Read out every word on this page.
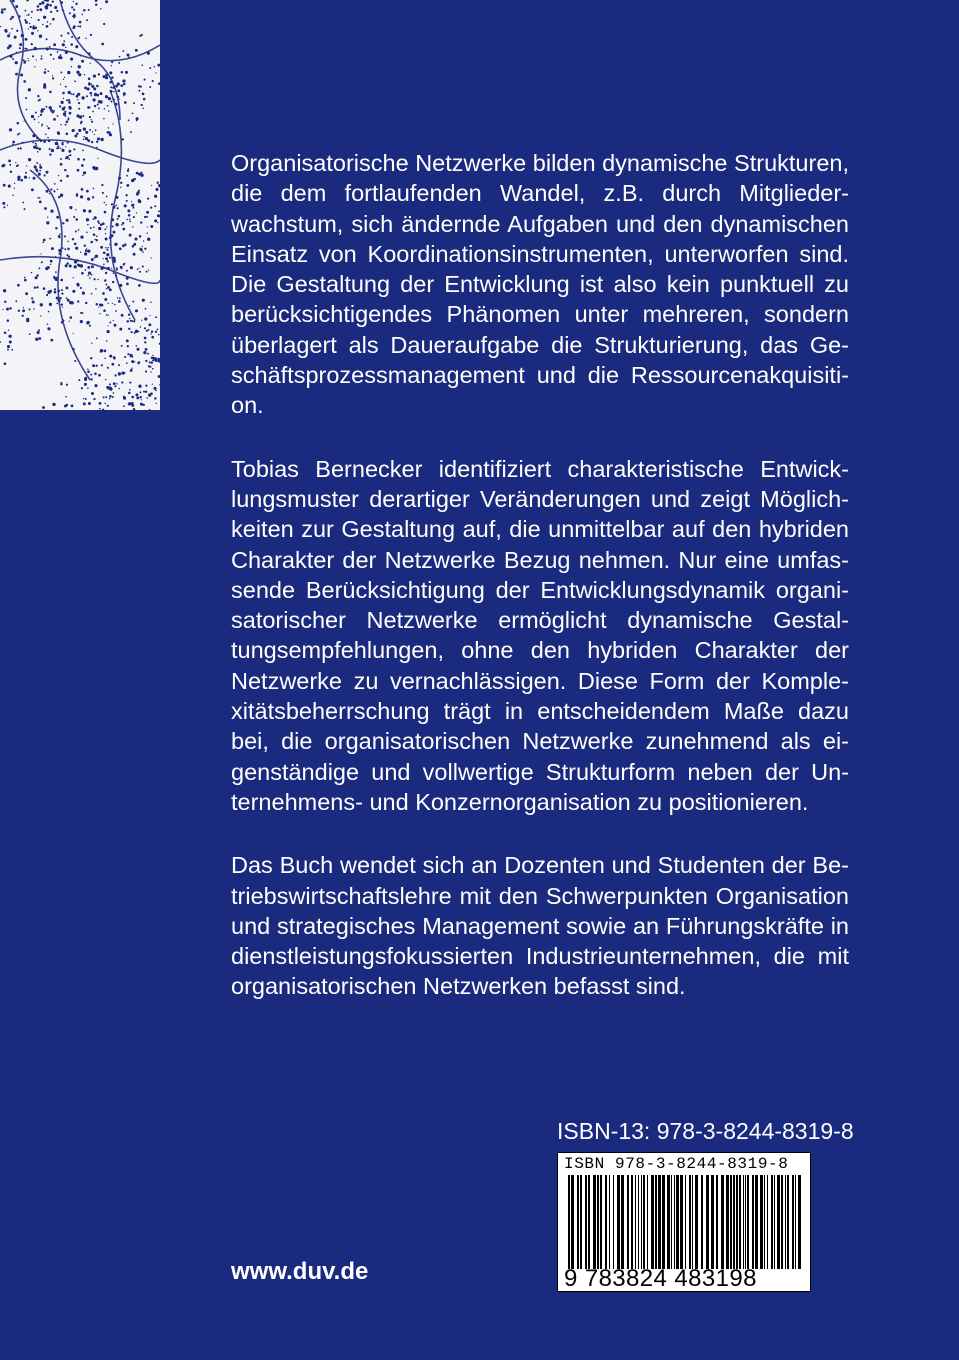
Organisatorische Netzwerke bilden dynamische Strukturen, die dem fortlaufenden Wandel, z.B. durch Mitgliederwachstum, sich ändernde Aufgaben und den dynamischen Einsatz von Koordinationsinstrumenten, unterworfen sind. Die Gestaltung der Entwicklung ist also kein punktuell zu berücksichtigendes Phänomen unter mehreren, sondern überlagert als Daueraufgabe die Strukturierung, das Geschäftsprozessmanagement und die Ressourcenakquisition.

Tobias Bernecker identifiziert charakteristische Entwicklungsmuster derartiger Veränderungen und zeigt Möglichkeiten zur Gestaltung auf, die unmittelbar auf den hybriden Charakter der Netzwerke Bezug nehmen. Nur eine umfassende Berücksichtigung der Entwicklungsdynamik organisatorischer Netzwerke ermöglicht dynamische Gestaltungsempfehlungen, ohne den hybriden Charakter der Netzwerke zu vernachlässigen. Diese Form der Komplexitätsbeherrschung trägt in entscheidendem Maße dazu bei, die organisatorischen Netzwerke zunehmend als eigenständige und vollwertige Strukturform neben der Unternehmens- und Konzernorganisation zu positionieren.

Das Buch wendet sich an Dozenten und Studenten der Betriebswirtschaftslehre mit den Schwerpunkten Organisation und strategisches Management sowie an Führungskräfte in dienstleistungsfokussierten Industrieunternehmen, die mit organisatorischen Netzwerken befasst sind.

ISBN-13: 978-3-8244-8319-8
ISBN 978-3-8244-8319-8
9 783824 483198
www.duv.de
